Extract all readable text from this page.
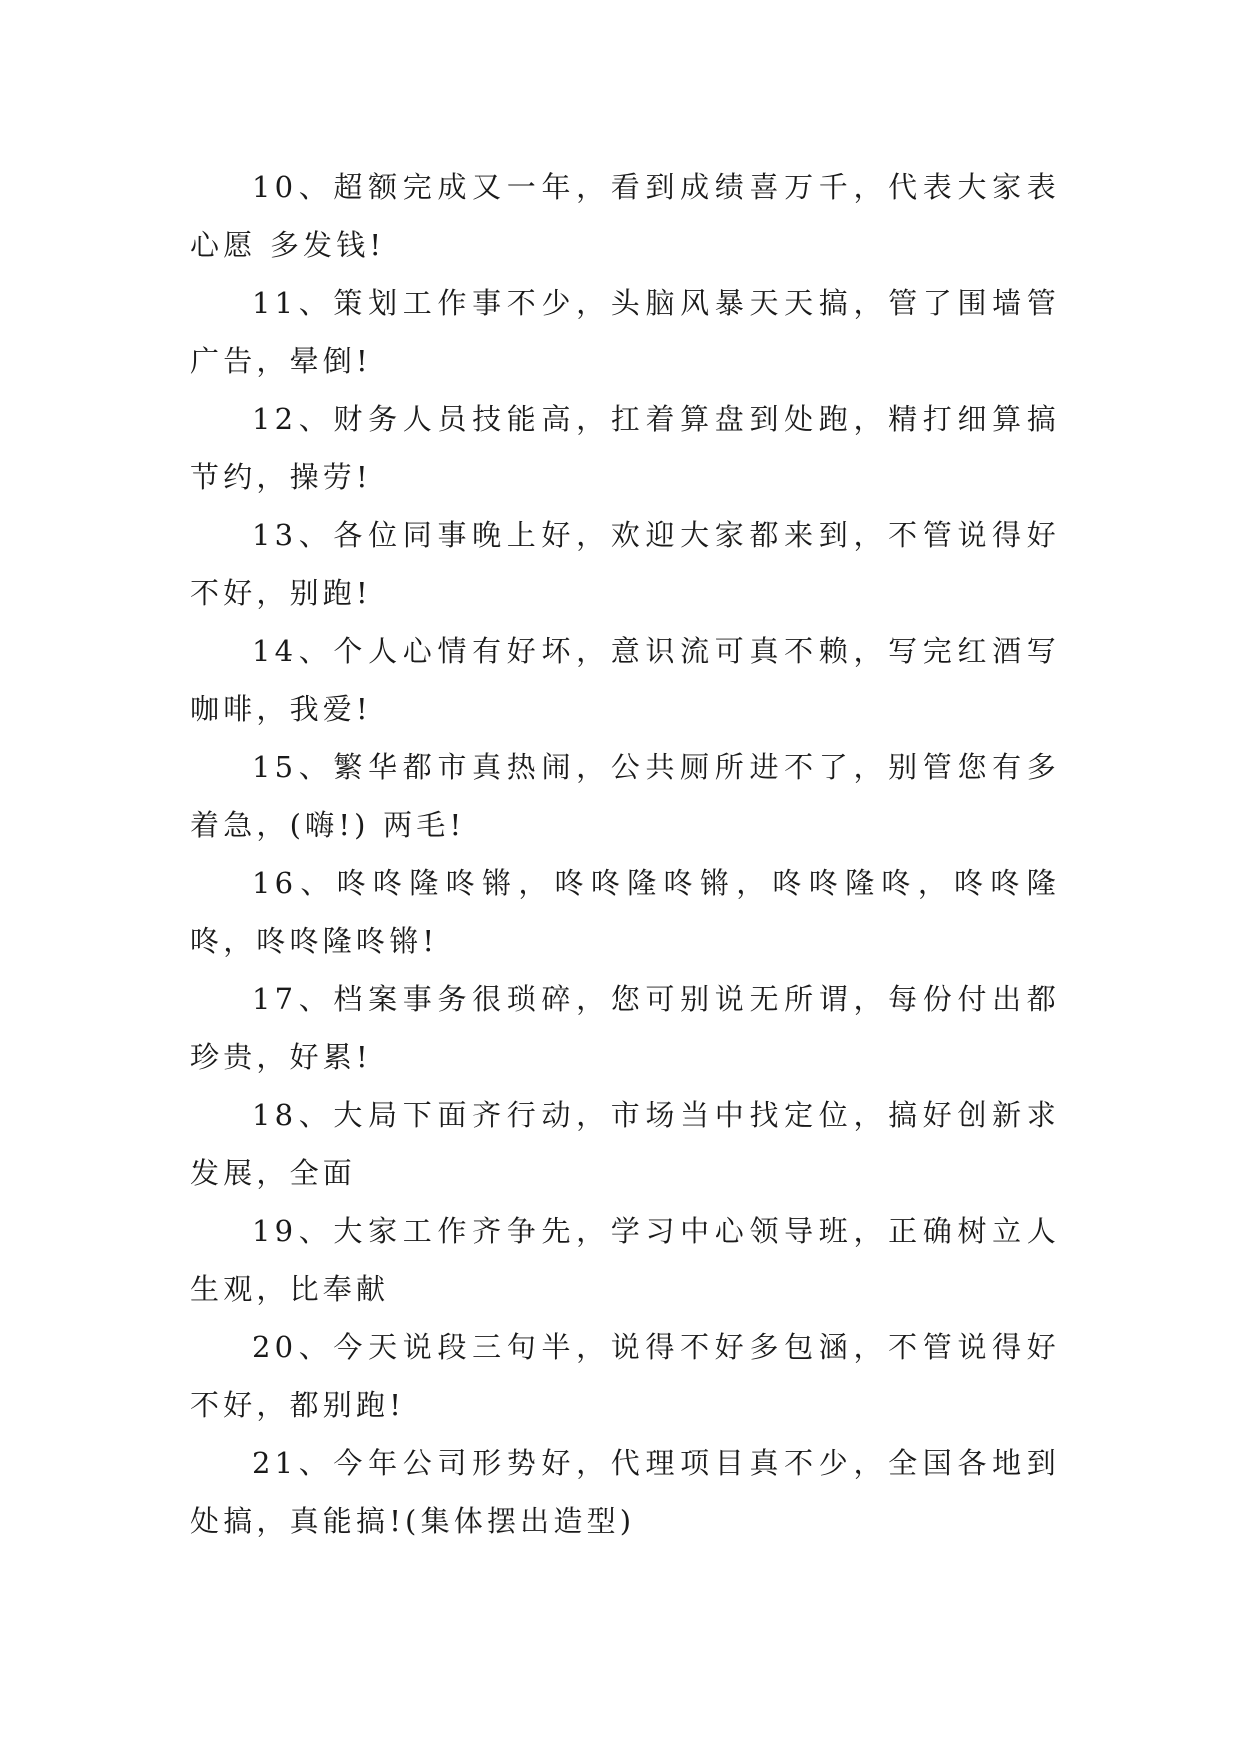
10、超额完成又一年，看到成绩喜万千，代表大家表心愿 多发钱!

11、策划工作事不少，头脑风暴天天搞，管了围墙管广告，晕倒!

12、财务人员技能高，扛着算盘到处跑，精打细算搞节约，操劳!

13、各位同事晚上好，欢迎大家都来到，不管说得好不好，别跑!

14、个人心情有好坏，意识流可真不赖，写完红酒写咖啡，我爱!

15、繁华都市真热闹，公共厕所进不了，别管您有多着急，(嗨!) 两毛!

16、咚咚隆咚锵，咚咚隆咚锵，咚咚隆咚，咚咚隆咚，咚咚隆咚锵!

17、档案事务很琐碎，您可别说无所谓，每份付出都珍贵，好累!

18、大局下面齐行动，市场当中找定位，搞好创新求发展，全面

19、大家工作齐争先，学习中心领导班，正确树立人生观，比奉献

20、今天说段三句半，说得不好多包涵，不管说得好不好，都别跑!

21、今年公司形势好，代理项目真不少，全国各地到处搞，真能搞!(集体摆出造型)
